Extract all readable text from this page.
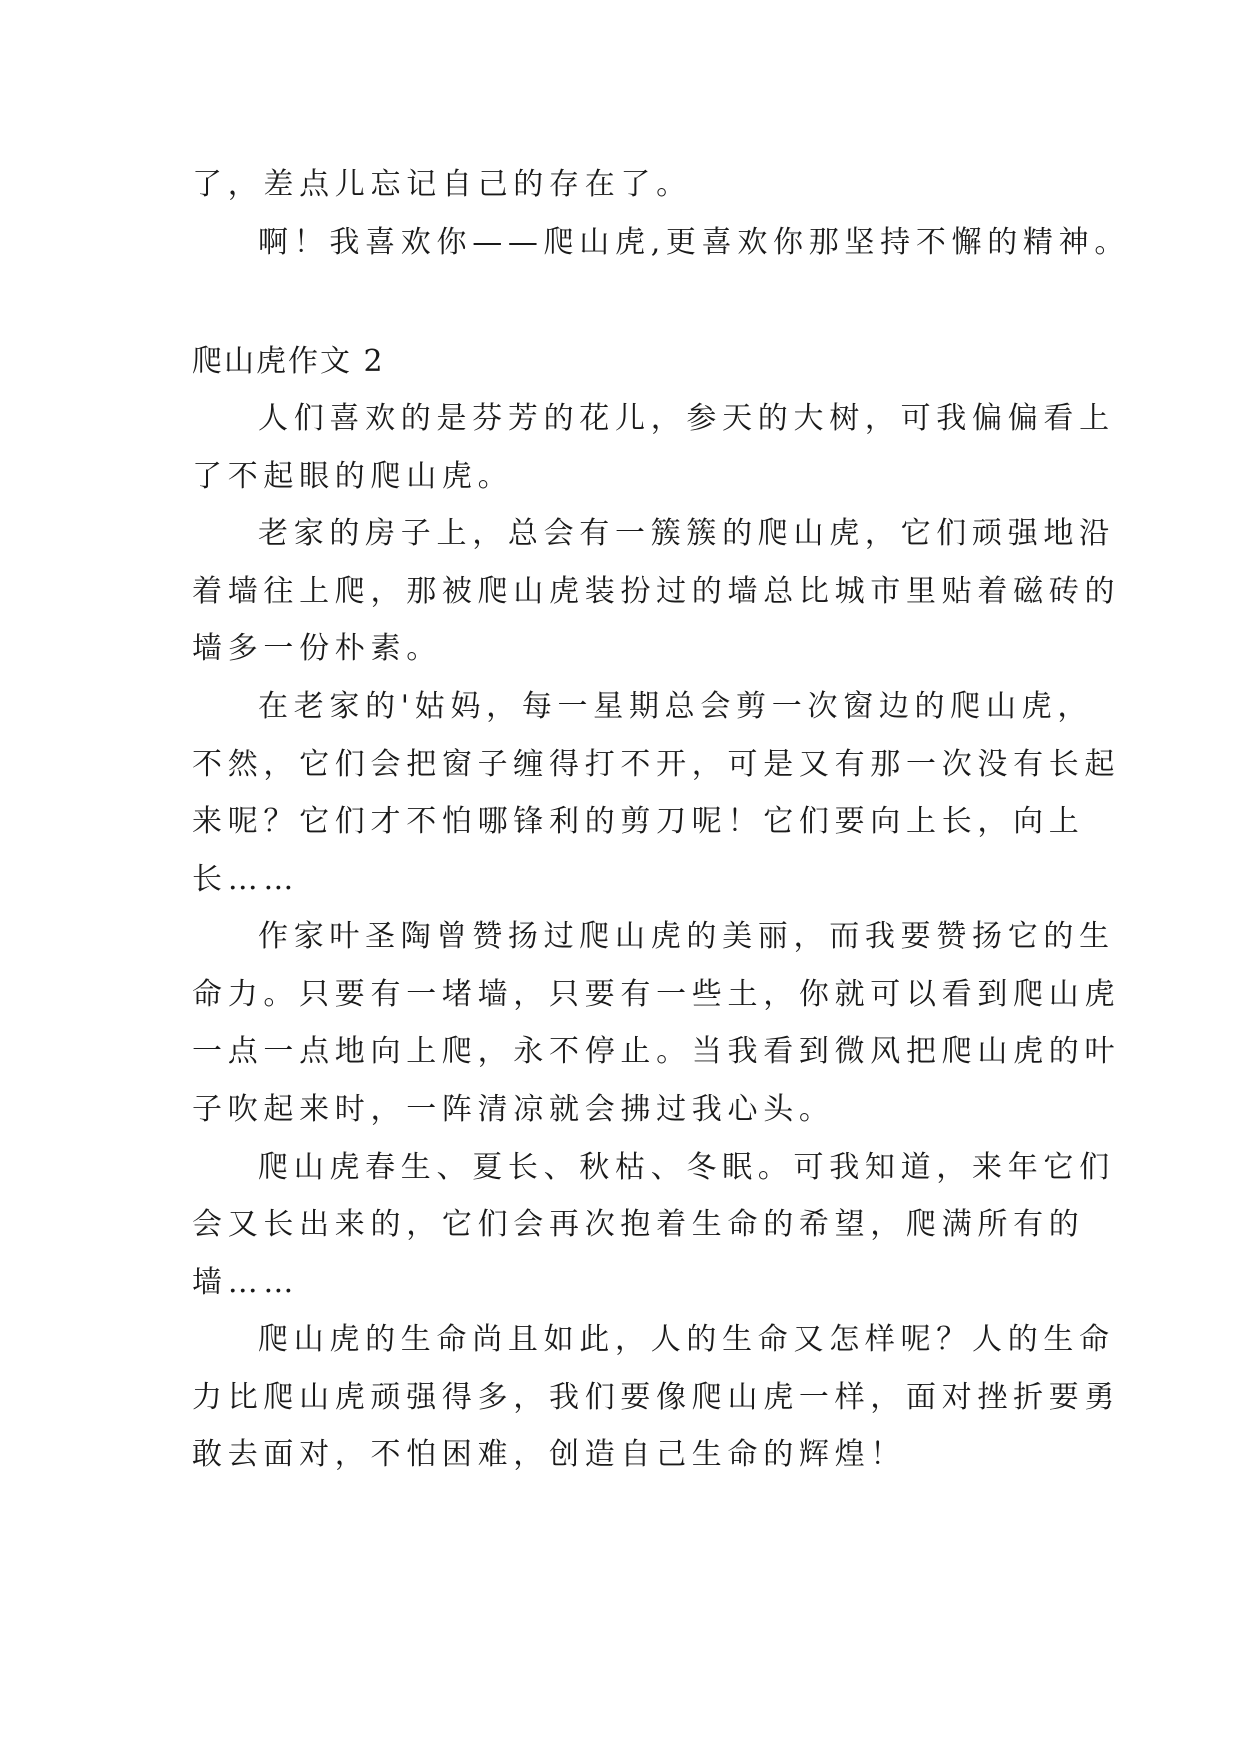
了，差点儿忘记自己的存在了。
啊！我喜欢你——爬山虎,更喜欢你那坚持不懈的精神。
爬山虎作文 2
人们喜欢的是芬芳的花儿，参天的大树，可我偏偏看上
了不起眼的爬山虎。
老家的房子上，总会有一簇簇的爬山虎，它们顽强地沿
着墙往上爬，那被爬山虎装扮过的墙总比城市里贴着磁砖的
墙多一份朴素。
在老家的'姑妈，每一星期总会剪一次窗边的爬山虎，
不然，它们会把窗子缠得打不开，可是又有那一次没有长起
来呢？它们才不怕哪锋利的剪刀呢！它们要向上长，向上
长……
作家叶圣陶曾赞扬过爬山虎的美丽，而我要赞扬它的生
命力。只要有一堵墙，只要有一些土，你就可以看到爬山虎
一点一点地向上爬，永不停止。当我看到微风把爬山虎的叶
子吹起来时，一阵清凉就会拂过我心头。
爬山虎春生、夏长、秋枯、冬眠。可我知道，来年它们
会又长出来的，它们会再次抱着生命的希望，爬满所有的
墙……
爬山虎的生命尚且如此，人的生命又怎样呢？人的生命
力比爬山虎顽强得多，我们要像爬山虎一样，面对挫折要勇
敢去面对，不怕困难，创造自己生命的辉煌！
